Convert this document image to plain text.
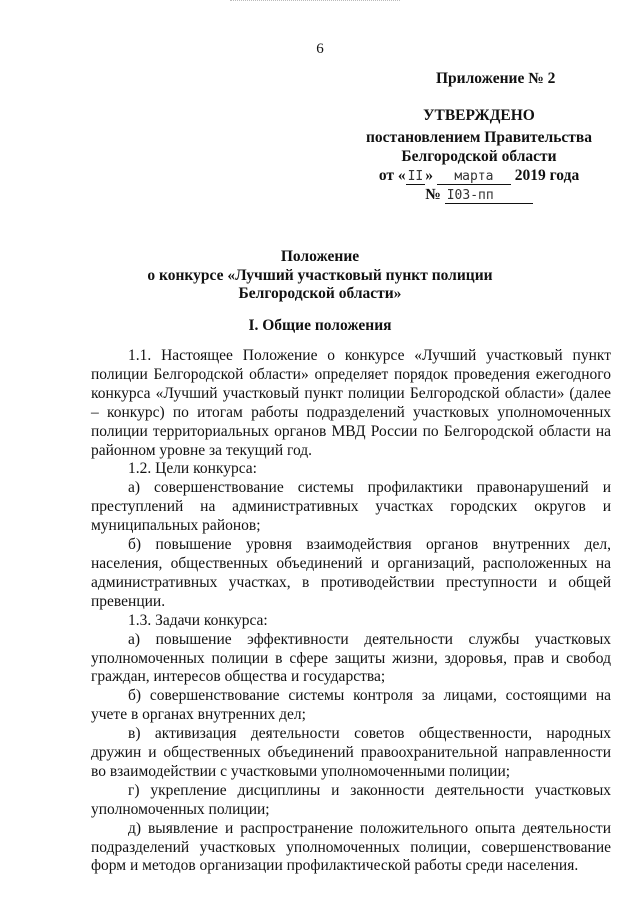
6
Приложение № 2
УТВЕРЖДЕНО
постановлением Правительства
Белгородской области
от « II » марта 2019 года
№ I03-пп
Положение
о конкурсе «Лучший участковый пункт полиции
Белгородской области»
I. Общие положения

1.1. Настоящее Положение о конкурсе «Лучший участковый пункт полиции Белгородской области» определяет порядок проведения ежегодного конкурса «Лучший участковый пункт полиции Белгородской области» (далее – конкурс) по итогам работы подразделений участковых уполномоченных полиции территориальных органов МВД России по Белгородской области на районном уровне за текущий год.

1.2. Цели конкурса:

а) совершенствование системы профилактики правонарушений и преступлений на административных участках городских округов и муниципальных районов;

б) повышение уровня взаимодействия органов внутренних дел, населения, общественных объединений и организаций, расположенных на административных участках, в противодействии преступности и общей превенции.

1.3. Задачи конкурса:

а) повышение эффективности деятельности службы участковых уполномоченных полиции в сфере защиты жизни, здоровья, прав и свобод граждан, интересов общества и государства;

б) совершенствование системы контроля за лицами, состоящими на учете в органах внутренних дел;

в) активизация деятельности советов общественности, народных дружин и общественных объединений правоохранительной направленности во взаимодействии с участковыми уполномоченными полиции;

г) укрепление дисциплины и законности деятельности участковых уполномоченных полиции;

д) выявление и распространение положительного опыта деятельности подразделений участковых уполномоченных полиции, совершенствование форм и методов организации профилактической работы среди населения.
